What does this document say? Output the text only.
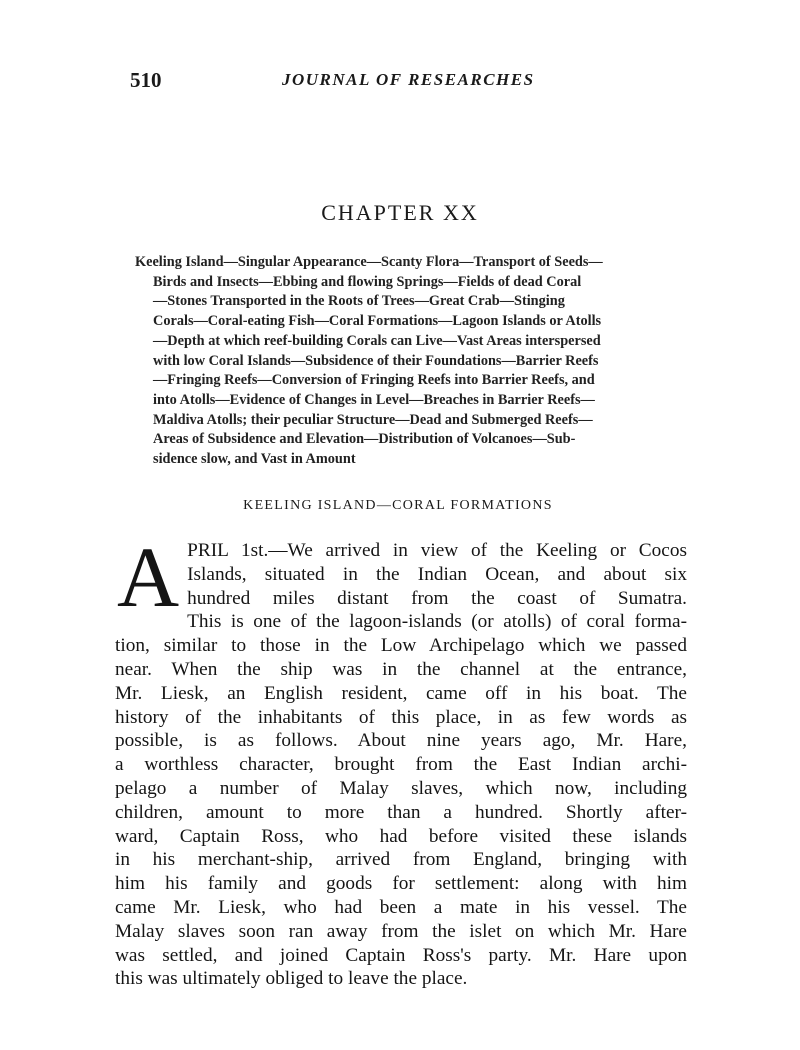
510	JOURNAL OF RESEARCHES
CHAPTER XX
Keeling Island—Singular Appearance—Scanty Flora—Transport of Seeds—
Birds and Insects—Ebbing and flowing Springs—Fields of dead Coral
—Stones Transported in the Roots of Trees—Great Crab—Stinging
Corals—Coral-eating Fish—Coral Formations—Lagoon Islands or Atolls
—Depth at which reef-building Corals can Live—Vast Areas interspersed
with low Coral Islands—Subsidence of their Foundations—Barrier Reefs
—Fringing Reefs—Conversion of Fringing Reefs into Barrier Reefs, and
into Atolls—Evidence of Changes in Level—Breaches in Barrier Reefs—
Maldiva Atolls; their peculiar Structure—Dead and Submerged Reefs—
Areas of Subsidence and Elevation—Distribution of Volcanoes—Sub-
sidence slow, and Vast in Amount
KEELING ISLAND—CORAL FORMATIONS
A PRIL 1st.—We arrived in view of the Keeling or Cocos
Islands, situated in the Indian Ocean, and about six
hundred miles distant from the coast of Sumatra.
This is one of the lagoon-islands (or atolls) of coral forma-
tion, similar to those in the Low Archipelago which we passed
near. When the ship was in the channel at the entrance,
Mr. Liesk, an English resident, came off in his boat. The
history of the inhabitants of this place, in as few words as
possible, is as follows. About nine years ago, Mr. Hare,
a worthless character, brought from the East Indian archi-
pelago a number of Malay slaves, which now, including
children, amount to more than a hundred. Shortly after-
ward, Captain Ross, who had before visited these islands
in his merchant-ship, arrived from England, bringing with
him his family and goods for settlement: along with him
came Mr. Liesk, who had been a mate in his vessel. The
Malay slaves soon ran away from the islet on which Mr. Hare
was settled, and joined Captain Ross's party. Mr. Hare upon
this was ultimately obliged to leave the place.
